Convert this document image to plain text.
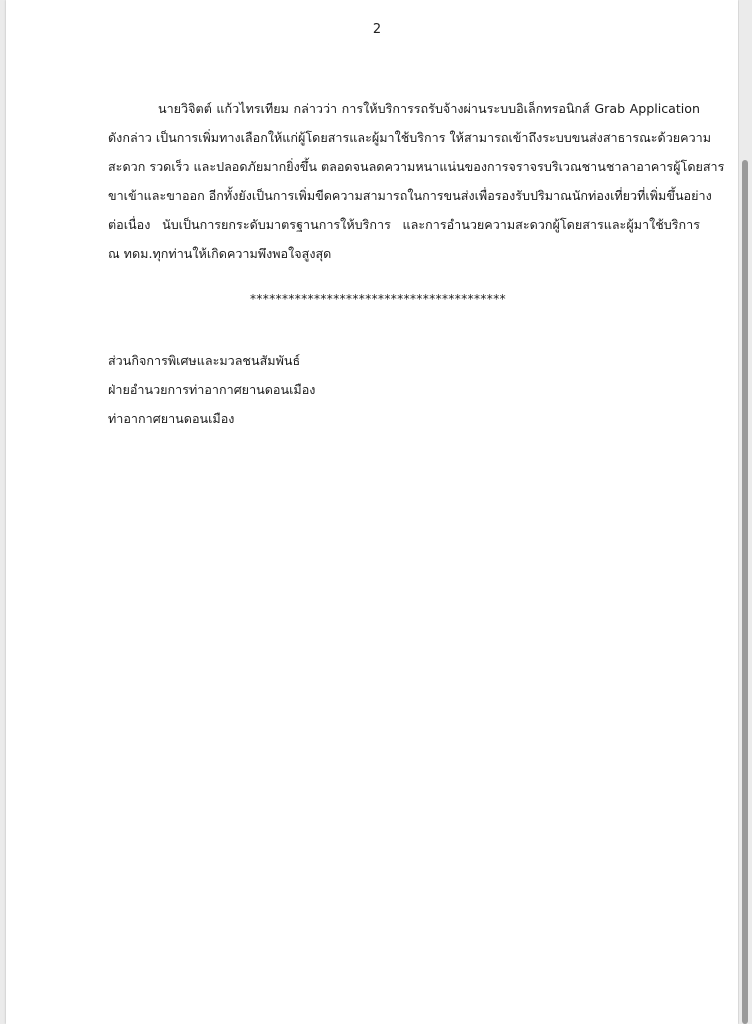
2

นายวิจิตต์ แก้วไทรเทียม กล่าวว่า การให้บริการรถรับจ้างผ่านระบบอิเล็กทรอนิกส์ Grab Application
ดังกล่าว เป็นการเพิ่มทางเลือกให้แก่ผู้โดยสารและผู้มาใช้บริการ ให้สามารถเข้าถึงระบบขนส่งสาธารณะด้วยความ
สะดวก รวดเร็ว และปลอดภัยมากยิ่งขึ้น ตลอดจนลดความหนาแน่นของการจราจรบริเวณชานชาลาอาคารผู้โดยสาร
ขาเข้าและขาออก อีกทั้งยังเป็นการเพิ่มขีดความสามารถในการขนส่งเพื่อรองรับปริมาณนักท่องเที่ยวที่เพิ่มขึ้นอย่าง
ต่อเนื่อง นับเป็นการยกระดับมาตรฐานการให้บริการ และการอำนวยความสะดวกผู้โดยสารและผู้มาใช้บริการ
ณ ทดม.ทุกท่านให้เกิดความพึงพอใจสูงสุด

****************************************
ส่วนกิจการพิเศษและมวลชนสัมพันธ์
ฝ่ายอำนวยการท่าอากาศยานดอนเมือง
ท่าอากาศยานดอนเมือง
